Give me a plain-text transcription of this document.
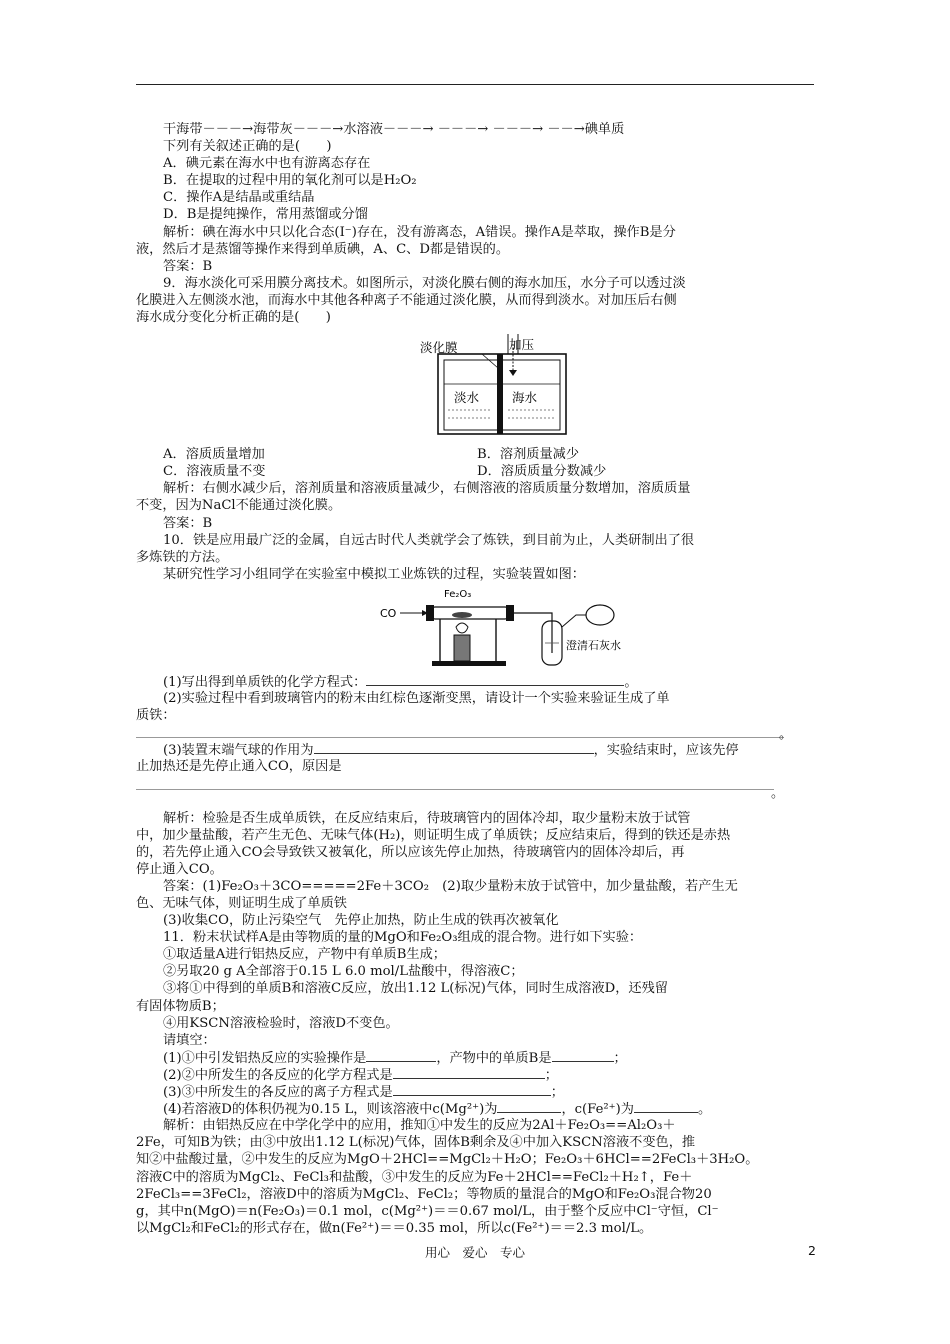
干海带－－－→海带灰－－－→水溶液－－－→ －－－→ －－－→ －－→碘单质
下列有关叙述正确的是(　　)
A．碘元素在海水中也有游离态存在
B．在提取的过程中用的氧化剂可以是H₂O₂
C．操作A是结晶或重结晶
D．B是提纯操作，常用蒸馏或分馏
解析：碘在海水中只以化合态(I⁻)存在，没有游离态，A错误。操作A是萃取，操作B是分
液，然后才是蒸馏等操作来得到单质碘，A、C、D都是错误的。
答案：B
9．海水淡化可采用膜分离技术。如图所示，对淡化膜右侧的海水加压，水分子可以透过淡
化膜进入左侧淡水池，而海水中其他各种离子不能通过淡化膜，从而得到淡水。对加压后右侧
海水成分变化分析正确的是(　　)
加压
淡化膜
淡水	海水
A．溶质质量增加	B．溶剂质量减少
C．溶液质量不变	D．溶质质量分数减少
解析：右侧水减少后，溶剂质量和溶液质量减少，右侧溶液的溶质质量分数增加，溶质质量
不变，因为NaCl不能通过淡化膜。
答案：B
10．铁是应用最广泛的金属，自远古时代人类就学会了炼铁，到目前为止，人类研制出了很
多炼铁的方法。
某研究性学习小组同学在实验室中模拟工业炼铁的过程，实验装置如图：
CO
Fe₂O₃
澄清石灰水
(1)写出得到单质铁的化学方程式：	。
(2)实验过程中看到玻璃管内的粉末由红棕色逐渐变黑，请设计一个实验来验证生成了单
质铁：
。
(3)装置末端气球的作用为	，实验结束时，应该先停
止加热还是先停止通入CO，原因是
。
解析：检验是否生成单质铁，在反应结束后，待玻璃管内的固体冷却，取少量粉末放于试管
中，加少量盐酸，若产生无色、无味气体(H₂)，则证明生成了单质铁；反应结束后，得到的铁还是赤热
的，若先停止通入CO会导致铁又被氧化，所以应该先停止加热，待玻璃管内的固体冷却后，再
停止通入CO。
答案：(1)Fe₂O₃＋3CO=====2Fe＋3CO₂　(2)取少量粉末放于试管中，加少量盐酸，若产生无
色、无味气体，则证明生成了单质铁
(3)收集CO，防止污染空气　先停止加热，防止生成的铁再次被氧化
11．粉末状试样A是由等物质的量的MgO和Fe₂O₃组成的混合物。进行如下实验：
①取适量A进行铝热反应，产物中有单质B生成；
②另取20 g A全部溶于0.15 L 6.0 mol/L盐酸中，得溶液C；
③将①中得到的单质B和溶液C反应，放出1.12 L(标况)气体，同时生成溶液D，还残留
有固体物质B；
④用KSCN溶液检验时，溶液D不变色。
请填空：
(1)①中引发铝热反应的实验操作是	，产物中的单质B是	；
(2)②中所发生的各反应的化学方程式是	；
(3)③中所发生的各反应的离子方程式是	；
(4)若溶液D的体积仍视为0.15 L，则该溶液中c(Mg²⁺)为	，c(Fe²⁺)为	。
解析：由铝热反应在中学化学中的应用，推知①中发生的反应为2Al＋Fe₂O₃==Al₂O₃＋
2Fe，可知B为铁；由③中放出1.12 L(标况)气体，固体B剩余及④中加入KSCN溶液不变色，推
知②中盐酸过量，②中发生的反应为MgO＋2HCl==MgCl₂＋H₂O；Fe₂O₃＋6HCl==2FeCl₃＋3H₂O。
溶液C中的溶质为MgCl₂、FeCl₃和盐酸，③中发生的反应为Fe＋2HCl==FeCl₂＋H₂↑，Fe＋
2FeCl₃==3FeCl₂，溶液D中的溶质为MgCl₂、FeCl₂；等物质的量混合的MgO和Fe₂O₃混合物20
g，其中n(MgO)＝n(Fe₂O₃)＝0.1 mol，c(Mg²⁺)＝＝0.67 mol/L，由于整个反应中Cl⁻守恒，Cl⁻
以MgCl₂和FeCl₂的形式存在，做n(Fe²⁺)＝＝0.35 mol，所以c(Fe²⁺)＝＝2.3 mol/L。
用心　爱心　专心	2
